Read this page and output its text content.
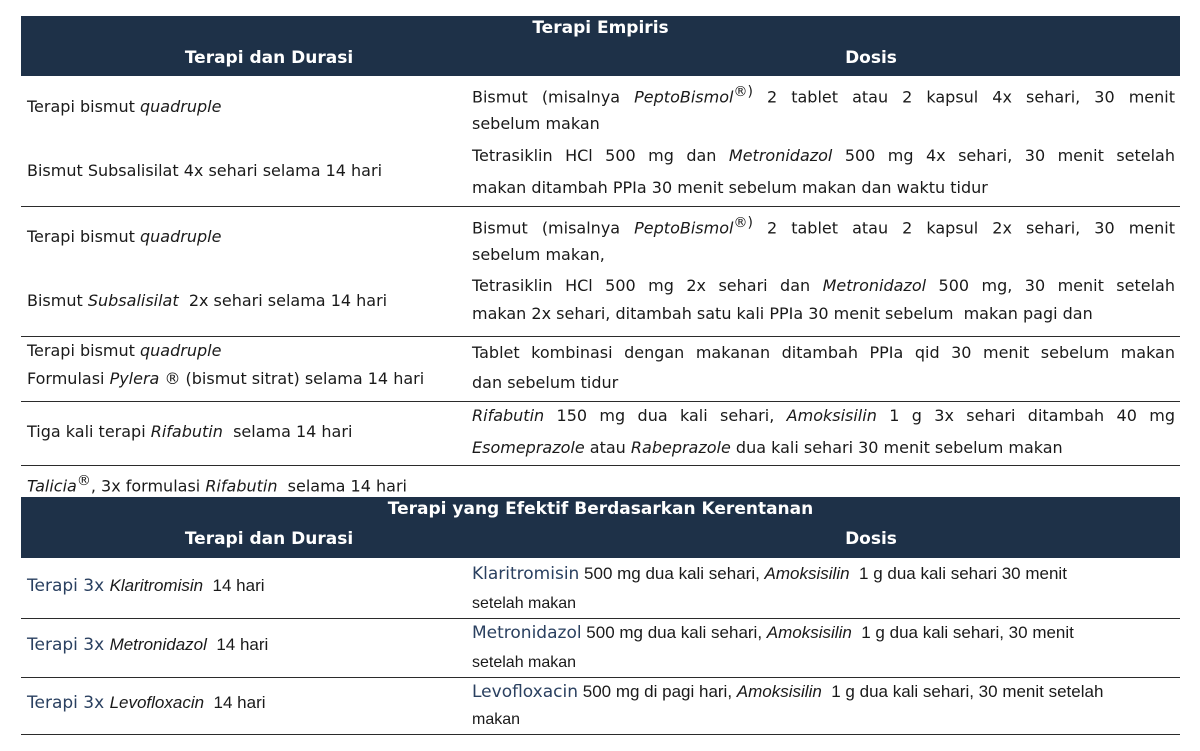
Terapi Empiris
Terapi dan Durasi	Dosis
Terapi bismut quadruple
Bismut Subsalisilat 4x sehari selama 14 hari
Bismut (misalnya PeptoBismol®) 2 tablet atau 2 kapsul 4x sehari, 30 menit
sebelum makan
Tetrasiklin HCl 500 mg dan Metronidazol 500 mg 4x sehari, 30 menit setelah
makan ditambah PPIa 30 menit sebelum makan dan waktu tidur
Terapi bismut quadruple
Bismut Subsalisilat  2x sehari selama 14 hari
Bismut (misalnya PeptoBismol®) 2 tablet atau 2 kapsul 2x sehari, 30 menit
sebelum makan,
Tetrasiklin HCl 500 mg 2x sehari dan Metronidazol 500 mg, 30 menit setelah
makan 2x sehari, ditambah satu kali PPIa 30 menit sebelum  makan pagi dan
Terapi bismut quadruple
Formulasi Pylera ® (bismut sitrat) selama 14 hari
Tablet kombinasi dengan makanan ditambah PPIa qid 30 menit sebelum makan
dan sebelum tidur
Tiga kali terapi Rifabutin  selama 14 hari
Rifabutin 150 mg dua kali sehari, Amoksisilin 1 g 3x sehari ditambah 40 mg
Esomeprazole atau Rabeprazole dua kali sehari 30 menit sebelum makan
Talicia®, 3x formulasi Rifabutin  selama 14 hari
Terapi yang Efektif Berdasarkan Kerentanan
Terapi dan Durasi	Dosis
Terapi 3x Klaritromisin  14 hari
Klaritromisin 500 mg dua kali sehari, Amoksisilin  1 g dua kali sehari 30 menit
setelah makan
Terapi 3x Metronidazol  14 hari
Metronidazol 500 mg dua kali sehari, Amoksisilin  1 g dua kali sehari, 30 menit
setelah makan
Terapi 3x Levofloxacin  14 hari
Levofloxacin 500 mg di pagi hari, Amoksisilin  1 g dua kali sehari, 30 menit setelah
makan
